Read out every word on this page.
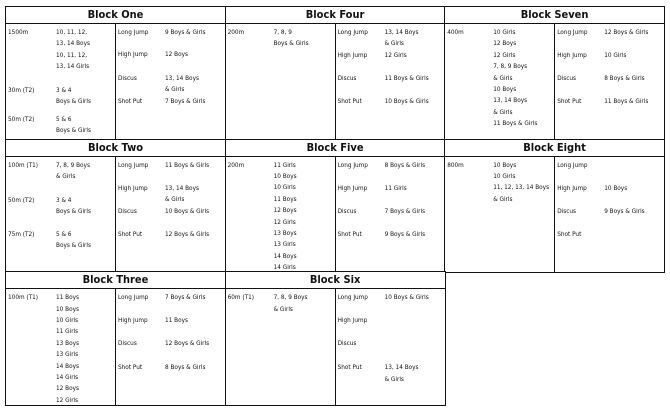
Block One
1500m	10, 11, 12,
13, 14 Boys
10, 11, 12,
13, 14 Girls
30m (T2)	3 & 4
Boys & Girls
50m (T2)	5 & 6
Boys & Girls
Long Jump	9 Boys & Girls
High Jump	12 Boys
Discus	13, 14 Boys
& Girls
Shot Put	7 Boys & Girls
Block Four
200m	7, 8, 9
Boys & Girls
Long Jump	13, 14 Boys
& Girls
High Jump	12 Girls
Discus	11 Boys & Girls
Shot Put	10 Boys & Girls
Block Seven
400m	10 Girls
12 Boys
12 Girls
7, 8, 9 Boys
& Girls
10 Boys
13, 14 Boys
& Girls
11 Boys & Girls
Long Jump	12 Boys & Girls
High Jump	10 Girls
Discus	8 Boys & Girls
Shot Put	11 Boys & Girls
Block Two
100m (T1)	7, 8, 9 Boys
& Girls
50m (T2)	3 & 4
Boys & Girls
75m (T2)	5 & 6
Boys & Girls
Long Jump	11 Boys & Girls
High Jump	13, 14 Boys
& Girls
Discus	10 Boys & Girls
Shot Put	12 Boys & Girls
Block Five
200m	11 Girls
10 Boys
10 Girls
11 Boys
12 Boys
12 Girls
13 Boys
13 Girls
14 Boys
14 Girls
Long Jump	8 Boys & Girls
High Jump	11 Girls
Discus	7 Boys & Girls
Shot Put	9 Boys & Girls
Block Eight
800m	10 Boys
10 Girls
11, 12, 13, 14 Boys
& Girls
Long Jump
High Jump	10 Boys
Discus	9 Boys & Girls
Shot Put
Block Three
100m (T1)	11 Boys
10 Boys
10 Girls
11 Girls
13 Boys
13 Girls
14 Boys
14 Girls
12 Boys
12 Girls
Long Jump	7 Boys & Girls
High Jump	11 Boys
Discus	12 Boys & Girls
Shot Put	8 Boys & Girls
Block Six
60m (T1)	7, 8, 9 Boys
& Girls
Long Jump	10 Boys & Girls
High Jump
Discus
Shot Put	13, 14 Boys
& Girls
